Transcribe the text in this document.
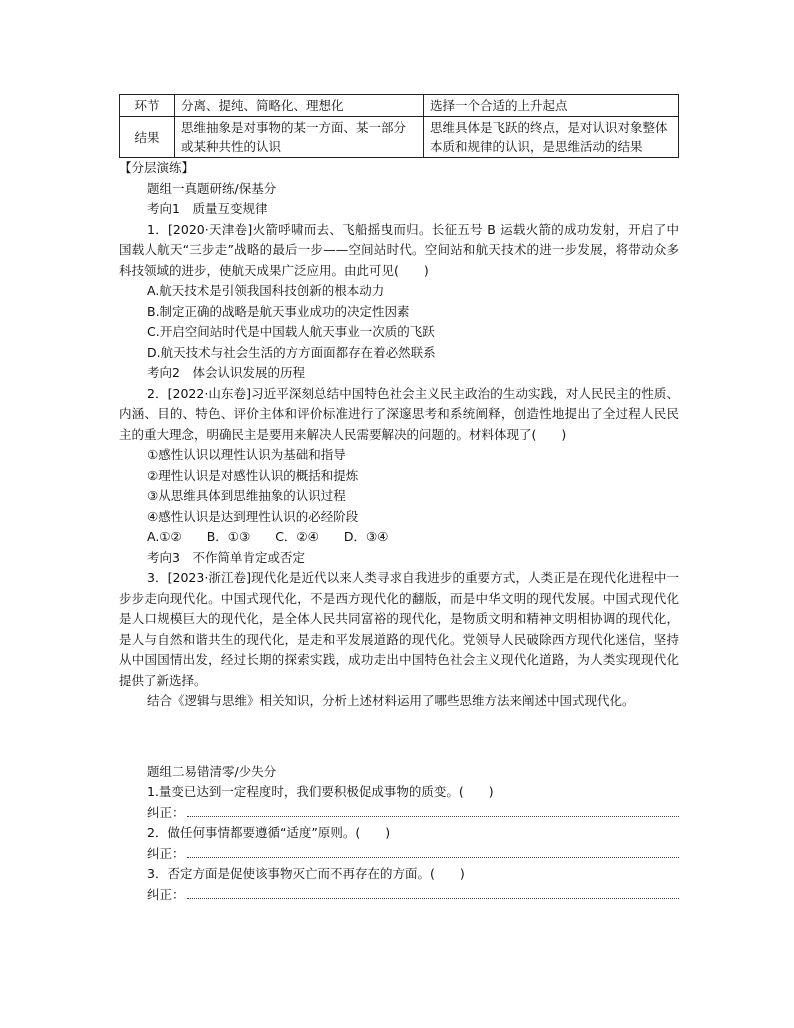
环节	分离、提纯、简略化、理想化	选择一个合适的上升起点
结果	思维抽象是对事物的某一方面、某一部分或某种共性的认识	思维具体是飞跃的终点，是对认识对象整体本质和规律的认识，是思维活动的结果
【分层演练】
题组一真题研练/保基分
考向1　质量互变规律
1．[2020·天津卷]火箭呼啸而去、飞船摇曳而归。长征五号 B 运载火箭的成功发射，开启了中国载人航天“三步走”战略的最后一步——空间站时代。空间站和航天技术的进一步发展，将带动众多科技领域的进步，使航天成果广泛应用。由此可见(　　)
A.航天技术是引领我国科技创新的根本动力
B.制定正确的战略是航天事业成功的决定性因素
C.开启空间站时代是中国载人航天事业一次质的飞跃
D.航天技术与社会生活的方方面面都存在着必然联系
考向2　体会认识发展的历程
2．[2022·山东卷]习近平深刻总结中国特色社会主义民主政治的生动实践，对人民民主的性质、内涵、目的、特色、评价主体和评价标准进行了深邃思考和系统阐释，创造性地提出了全过程人民民主的重大理念，明确民主是要用来解决人民需要解决的问题的。材料体现了(　　)
①感性认识以理性认识为基础和指导
②理性认识是对感性认识的概括和提炼
③从思维具体到思维抽象的认识过程
④感性认识是达到理性认识的必经阶段
A.①②　　B．①③　　C．②④　　D．③④
考向3　不作简单肯定或否定
3．[2023·浙江卷]现代化是近代以来人类寻求自我进步的重要方式，人类正是在现代化进程中一步步走向现代化。中国式现代化，不是西方现代化的翻版，而是中华文明的现代发展。中国式现代化是人口规模巨大的现代化，是全体人民共同富裕的现代化，是物质文明和精神文明相协调的现代化，是人与自然和谐共生的现代化，是走和平发展道路的现代化。党领导人民破除西方现代化迷信，坚持从中国国情出发，经过长期的探索实践，成功走出中国特色社会主义现代化道路，为人类实现现代化提供了新选择。
结合《逻辑与思维》相关知识，分析上述材料运用了哪些思维方法来阐述中国式现代化。
题组二易错清零/少失分
1.量变已达到一定程度时，我们要积极促成事物的质变。(　　)
纠正：
2．做任何事情都要遵循“适度”原则。(　　)
纠正：
3．否定方面是促使该事物灭亡而不再存在的方面。(　　)
纠正：
